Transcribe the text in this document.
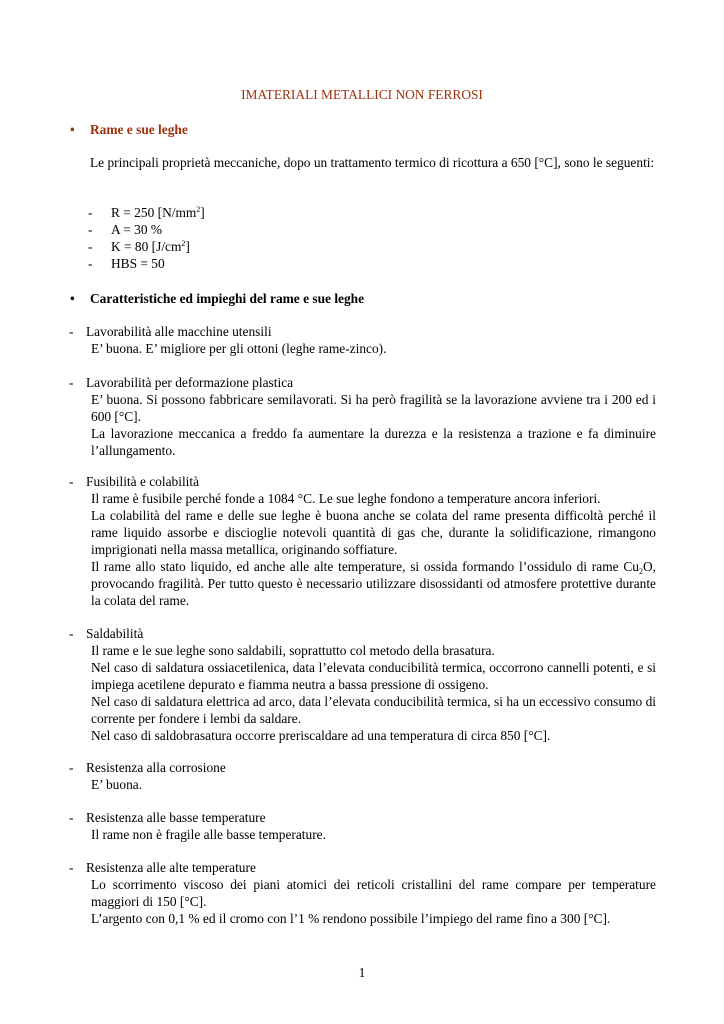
IMATERIALI METALLICI NON FERROSI
• Rame e sue leghe
Le principali proprietà meccaniche, dopo un trattamento termico di ricottura a 650 [°C], sono le seguenti:
- R = 250 $[N/mm^2]$
- A = 30 %
- K = 80 $[J/cm^2]$
- HBS = 50
• Caratteristiche ed impieghi del rame e sue leghe
- Lavorabilità alle macchine utensili

E’ buona. E’ migliore per gli ottoni (leghe rame-zinco).

- Lavorabilità per deformazione plastica

E’ buona. Si possono fabbricare semilavorati. Si ha però fragilità se la lavorazione avviene tra i 200 ed i 600 [°C].

La lavorazione meccanica a freddo fa aumentare la durezza e la resistenza a trazione e fa diminuire l’allungamento.

- Fusibilità e colabilità

Il rame è fusibile perché fonde a 1084 °C. Le sue leghe fondono a temperature ancora inferiori.

La colabilità del rame e delle sue leghe è buona anche se colata del rame presenta difficoltà perché il rame liquido assorbe e discioglie notevoli quantità di gas che, durante la solidificazione, rimangono imprigionati nella massa metallica, originando soffiature.

Il rame allo stato liquido, ed anche alle alte temperature, si ossida formando l’ossidulo di rame $Cu_2O$, provocando fragilità. Per tutto questo è necessario utilizzare disossidanti od atmosfere protettive durante la colata del rame.

- Saldabilità

Il rame e le sue leghe sono saldabili, soprattutto col metodo della brasatura.

Nel caso di saldatura ossiacetilenica, data l’elevata conducibilità termica, occorrono cannelli potenti, e si impiega acetilene depurato e fiamma neutra a bassa pressione di ossigeno.

Nel caso di saldatura elettrica ad arco, data l’elevata conducibilità termica, si ha un eccessivo consumo di corrente per fondere i lembi da saldare.

Nel caso di saldobrasatura occorre preriscaldare ad una temperatura di circa 850 [°C].

- Resistenza alla corrosione

E’ buona.

- Resistenza alle basse temperature

Il rame non è fragile alle basse temperature.

- Resistenza alle alte temperature

Lo scorrimento viscoso dei piani atomici dei reticoli cristallini del rame compare per temperature maggiori di 150 [°C].

L’argento con 0,1 % ed il cromo con l’1 % rendono possibile l’impiego del rame fino a 300 [°C].

1
